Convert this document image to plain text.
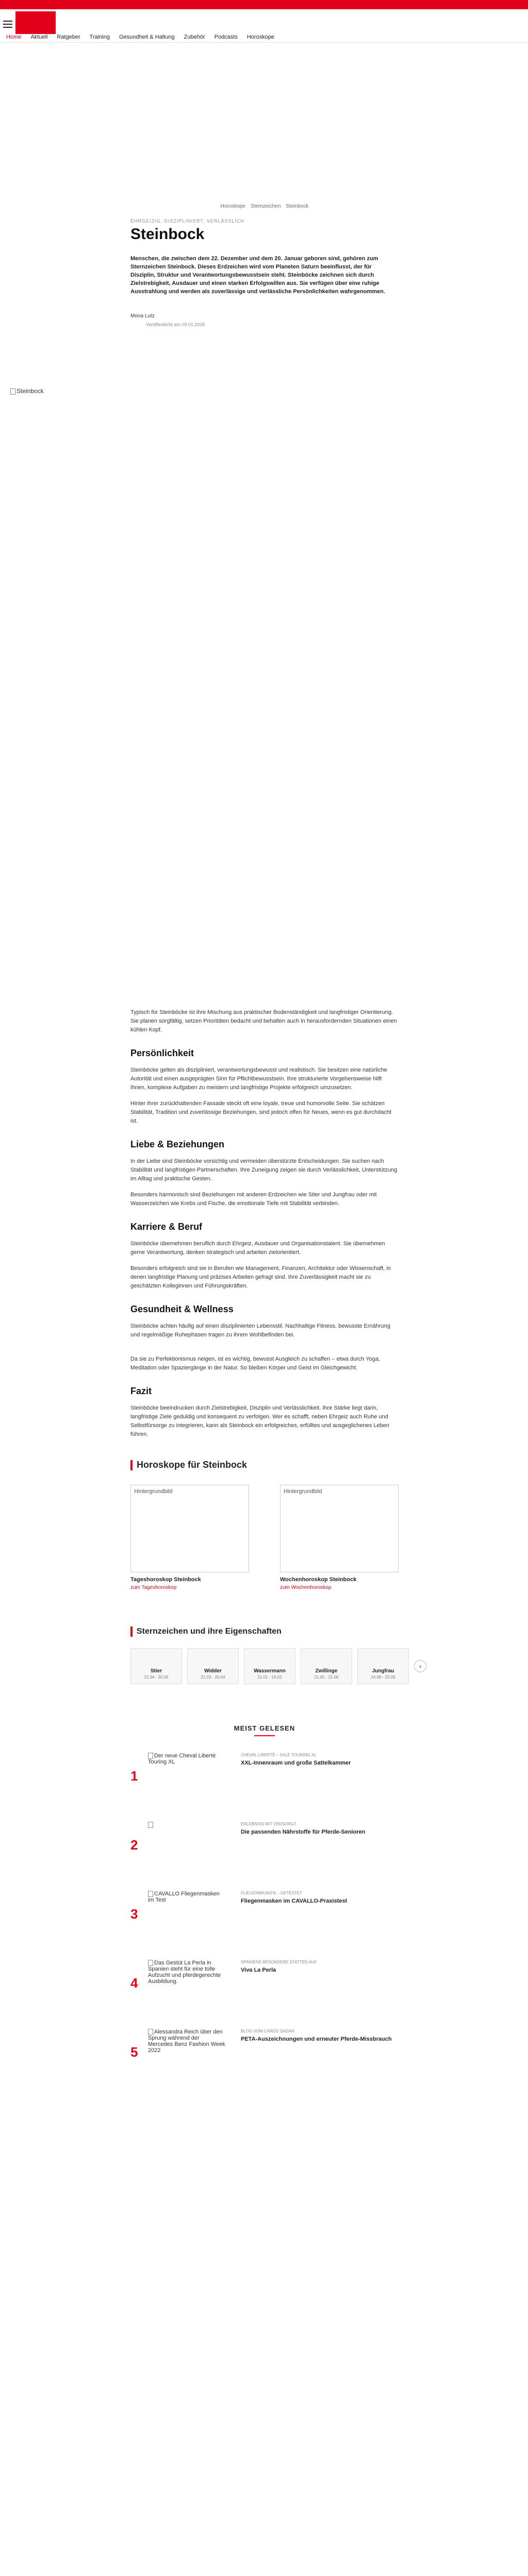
Home Aktuell Ratgeber Training Gesundheit & Haltung Zubehör Podcasts Horoskope
Steinbock
Horoskope Sternzeichen Steinbock
EHRGEIZIG, DISZIPLINIERT, VERLÄSSLICH
Steinbock
Menschen, die zwischen dem 22. Dezember und dem 20. Januar geboren sind, gehören zum Sternzeichen Steinbock. Dieses Erdzeichen wird vom Planeten Saturn beeinflusst, der für Disziplin, Struktur und Verantwortungsbewusstsein steht. Steinböcke zeichnen sich durch Zielstrebigkeit, Ausdauer und einen starken Erfolgswillen aus. Sie verfügen über eine ruhige Ausstrahlung und werden als zuverlässige und verlässliche Persönlichkeiten wahrgenommen.
Mona Lutz
Veröffentlicht am 09.01.2025

Typisch für Steinböcke ist ihre Mischung aus praktischer Bodenständigkeit und langfristiger Orientierung. Sie planen sorgfältig, setzen Prioritäten bedacht und behalten auch in herausfordernden Situationen einen kühlen Kopf.

Persönlichkeit

Steinböcke gelten als diszipliniert, verantwortungsbewusst und realistisch. Sie besitzen eine natürliche Autorität und einen ausgeprägten Sinn für Pflichtbewusstsein. Ihre strukturierte Vorgehensweise hilft ihnen, komplexe Aufgaben zu meistern und langfristige Projekte erfolgreich umzusetzen.

Hinter ihrer zurückhaltenden Fassade steckt oft eine loyale, treue und humorvolle Seite. Sie schätzen Stabilität, Tradition und zuverlässige Beziehungen, sind jedoch offen für Neues, wenn es gut durchdacht ist.

Liebe & Beziehungen

In der Liebe sind Steinböcke vorsichtig und vermeiden überstürzte Entscheidungen. Sie suchen nach Stabilität und langfristigen Partnerschaften. Ihre Zuneigung zeigen sie durch Verlässlichkeit, Unterstützung im Alltag und praktische Gesten.

Besonders harmonisch sind Beziehungen mit anderen Erdzeichen wie Stier und Jungfrau oder mit Wasserzeichen wie Krebs und Fische, die emotionale Tiefe mit Stabilität verbinden.

Karriere & Beruf

Steinböcke übernehmen beruflich durch Ehrgeiz, Ausdauer und Organisationstalent. Sie übernehmen gerne Verantwortung, denken strategisch und arbeiten zielorientiert.

Besonders erfolgreich sind sie in Berufen wie Management, Finanzen, Architektur oder Wissenschaft, in denen langfristige Planung und präzises Arbeiten gefragt sind. Ihre Zuverlässigkeit macht sie zu geschätzten Kolleginnen und Führungskräften.

Gesundheit & Wellness

Steinböcke achten häufig auf einen disziplinierten Lebensstil. Nachhaltige Fitness, bewusste Ernährung und regelmäßige Ruhephasen tragen zu ihrem Wohlbefinden bei.

Da sie zu Perfektionismus neigen, ist es wichtig, bewusst Ausgleich zu schaffen – etwa durch Yoga, Meditation oder Spaziergänge in der Natur. So bleiben Körper und Geist im Gleichgewicht.

Fazit

Steinböcke beeindrucken durch Zielstrebigkeit, Disziplin und Verlässlichkeit. Ihre Stärke liegt darin, langfristige Ziele geduldig und konsequent zu verfolgen. Wer es schafft, neben Ehrgeiz auch Ruhe und Selbstfürsorge zu integrieren, kann als Steinbock ein erfolgreiches, erfülltes und ausgeglichenes Leben führen.

Horoskope für Steinbock
Hintergrundbild
Tageshoroskop Steinbock
zum Tageshoroskop
Hintergrundbild
Wochenhoroskop Steinbock
zum Wochenhoroskop
Sternzeichen und ihre Eigenschaften
Stier
21.04 - 20.05
Widder
21.03 - 20.04
Wassermann
21.01 - 19.02
Zwillinge
21.05 - 21.06
Jungfrau
24.08 - 23.09
›
MEIST GELESEN
1
Der neue Cheval Liberté Touring XL
CHEVAL LIBERTÉ – SALE TOURING XL
XXL-Innenraum und große Sattelkammer
2
ERLEBNISS MIT VERSORGT
Die passenden Nährstoffe für Pferde-Senioren
3
CAVALLO Fliegenmasken im Test
FLIEGENMASKEN – GETESTET
Fliegenmasken im CAVALLO-Praxistest
4
Das Gestüt La Perla in Spanien steht für eine tolle Aufzucht und pferdegerechte Ausbildung.
SPANIENS BESONDERE STATTEN AUF
Viva La Perla
5
Alessandra Reich über den Sprung während der Mercedes Benz Fashion Week 2022
BLOG VOM CAROS SAGAN
PETA-Auszeichnungen und erneuter Pferde-Missbrauch
